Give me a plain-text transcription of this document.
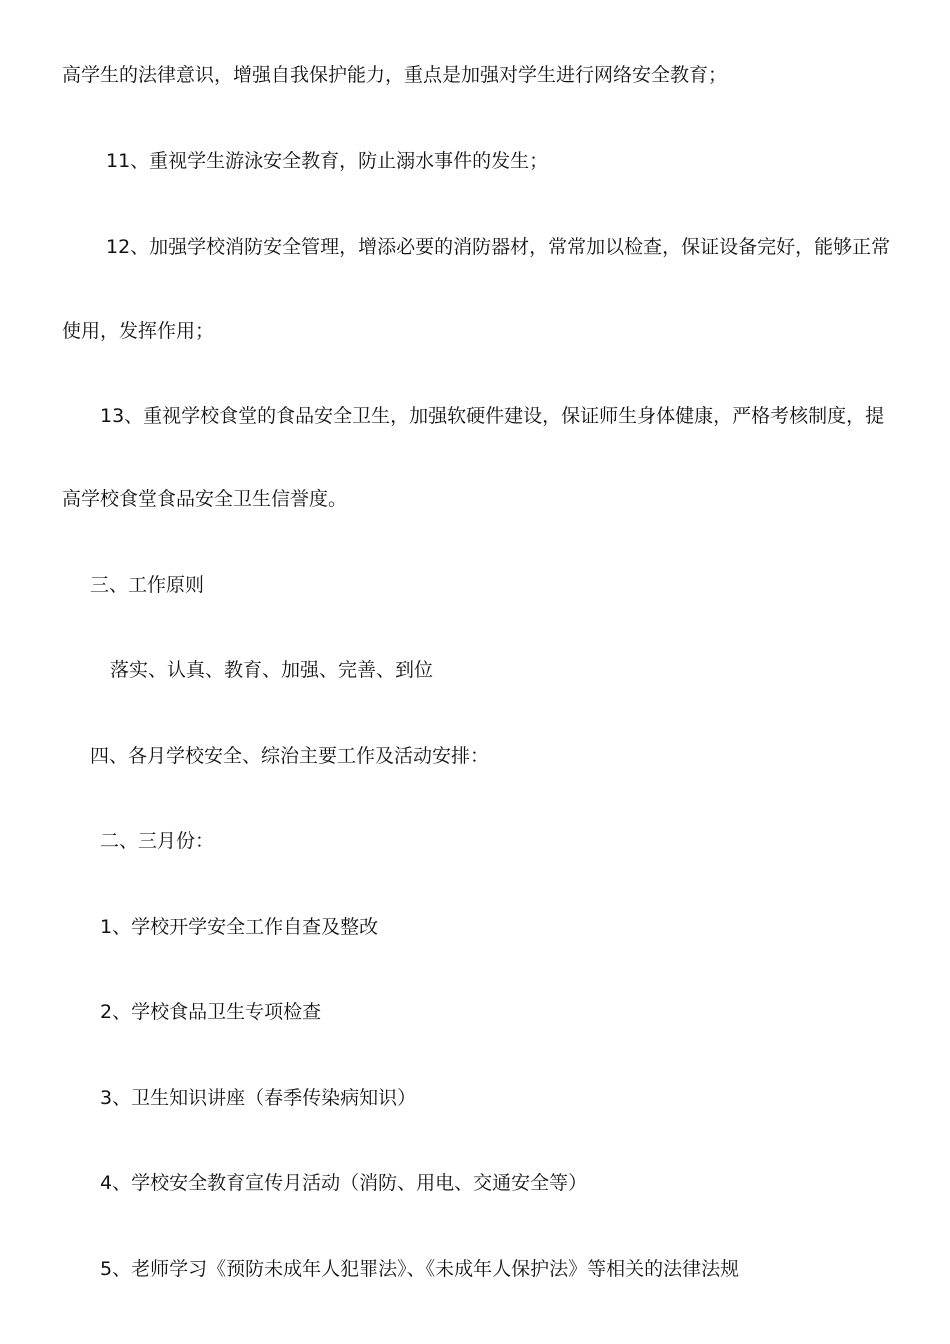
高学生的法律意识，增强自我保护能力，重点是加强对学生进行网络安全教育；
11、重视学生游泳安全教育，防止溺水事件的发生；
12、加强学校消防安全管理，增添必要的消防器材，常常加以检查，保证设备完好，能够正常
使用，发挥作用；
13、重视学校食堂的食品安全卫生，加强软硬件建设，保证师生身体健康，严格考核制度，提
高学校食堂食品安全卫生信誉度。
三、工作原则
落实、认真、教育、加强、完善、到位
四、各月学校安全、综治主要工作及活动安排：
二、三月份：
1、学校开学安全工作自查及整改
2、学校食品卫生专项检查
3、卫生知识讲座（春季传染病知识）
4、学校安全教育宣传月活动（消防、用电、交通安全等）
5、老师学习《预防未成年人犯罪法》、《未成年人保护法》等相关的法律法规
